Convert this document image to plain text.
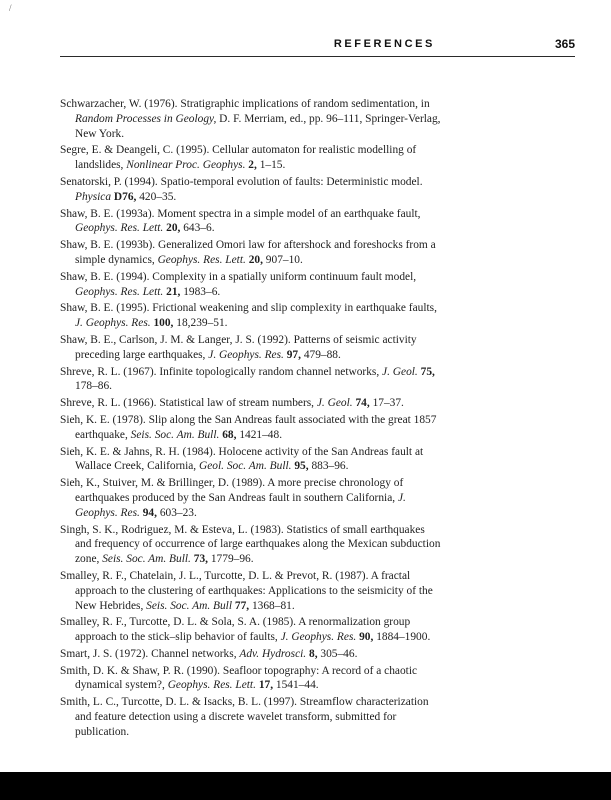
/
REFERENCES	365
Schwarzacher, W. (1976). Stratigraphic implications of random sedimentation, in Random Processes in Geology, D. F. Merriam, ed., pp. 96–111, Springer-Verlag, New York.
Segre, E. & Deangeli, C. (1995). Cellular automaton for realistic modelling of landslides, Nonlinear Proc. Geophys. 2, 1–15.
Senatorski, P. (1994). Spatio-temporal evolution of faults: Deterministic model. Physica D76, 420–35.
Shaw, B. E. (1993a). Moment spectra in a simple model of an earthquake fault, Geophys. Res. Lett. 20, 643–6.
Shaw, B. E. (1993b). Generalized Omori law for aftershock and foreshocks from a simple dynamics, Geophys. Res. Lett. 20, 907–10.
Shaw, B. E. (1994). Complexity in a spatially uniform continuum fault model, Geophys. Res. Lett. 21, 1983–6.
Shaw, B. E. (1995). Frictional weakening and slip complexity in earthquake faults, J. Geophys. Res. 100, 18,239–51.
Shaw, B. E., Carlson, J. M. & Langer, J. S. (1992). Patterns of seismic activity preceding large earthquakes, J. Geophys. Res. 97, 479–88.
Shreve, R. L. (1967). Infinite topologically random channel networks, J. Geol. 75, 178–86.
Shreve, R. L. (1966). Statistical law of stream numbers, J. Geol. 74, 17–37.
Sieh, K. E. (1978). Slip along the San Andreas fault associated with the great 1857 earthquake, Seis. Soc. Am. Bull. 68, 1421–48.
Sieh, K. E. & Jahns, R. H. (1984). Holocene activity of the San Andreas fault at Wallace Creek, California, Geol. Soc. Am. Bull. 95, 883–96.
Sieh, K., Stuiver, M. & Brillinger, D. (1989). A more precise chronology of earthquakes produced by the San Andreas fault in southern California, J. Geophys. Res. 94, 603–23.
Singh, S. K., Rodriguez, M. & Esteva, L. (1983). Statistics of small earthquakes and frequency of occurrence of large earthquakes along the Mexican subduction zone, Seis. Soc. Am. Bull. 73, 1779–96.
Smalley, R. F., Chatelain, J. L., Turcotte, D. L. & Prevot, R. (1987). A fractal approach to the clustering of earthquakes: Applications to the seismicity of the New Hebrides, Seis. Soc. Am. Bull 77, 1368–81.
Smalley, R. F., Turcotte, D. L. & Sola, S. A. (1985). A renormalization group approach to the stick–slip behavior of faults, J. Geophys. Res. 90, 1884–1900.
Smart, J. S. (1972). Channel networks, Adv. Hydrosci. 8, 305–46.
Smith, D. K. & Shaw, P. R. (1990). Seafloor topography: A record of a chaotic dynamical system?, Geophys. Res. Lett. 17, 1541–44.
Smith, L. C., Turcotte, D. L. & Isacks, B. L. (1997). Streamflow characterization and feature detection using a discrete wavelet transform, submitted for publication.
